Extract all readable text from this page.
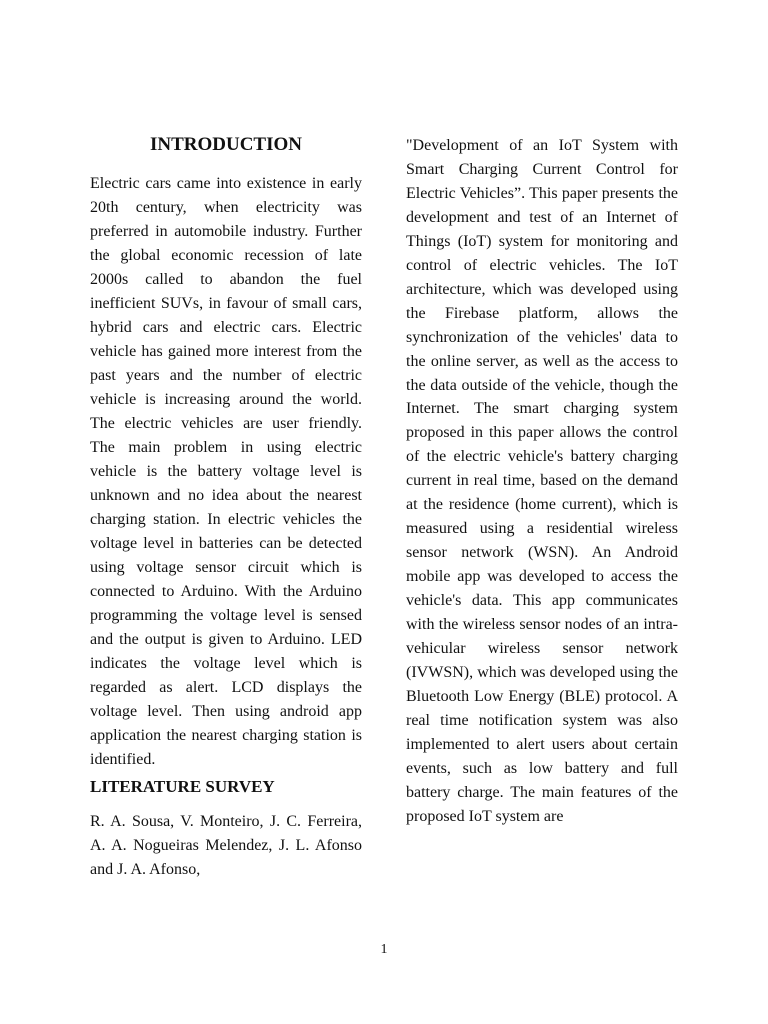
INTRODUCTION

Electric cars came into existence in early 20th century, when electricity was preferred in automobile industry. Further the global economic recession of late 2000s called to abandon the fuel inefficient SUVs, in favour of small cars, hybrid cars and electric cars. Electric vehicle has gained more interest from the past years and the number of electric vehicle is increasing around the world. The electric vehicles are user friendly. The main problem in using electric vehicle is the battery voltage level is unknown and no idea about the nearest charging station. In electric vehicles the voltage level in batteries can be detected using voltage sensor circuit which is connected to Arduino. With the Arduino programming the voltage level is sensed and the output is given to Arduino. LED indicates the voltage level which is regarded as alert. LCD displays the voltage level. Then using android app application the nearest charging station is identified.

LITERATURE SURVEY

R. A. Sousa, V. Monteiro, J. C. Ferreira, A. A. Nogueiras Melendez, J. L. Afonso and J. A. Afonso,

"Development of an IoT System with Smart Charging Current Control for Electric Vehicles”. This paper presents the development and test of an Internet of Things (IoT) system for monitoring and control of electric vehicles. The IoT architecture, which was developed using the Firebase platform, allows the synchronization of the vehicles' data to the online server, as well as the access to the data outside of the vehicle, though the Internet. The smart charging system proposed in this paper allows the control of the electric vehicle's battery charging current in real time, based on the demand at the residence (home current), which is measured using a residential wireless sensor network (WSN). An Android mobile app was developed to access the vehicle's data. This app communicates with the wireless sensor nodes of an intra-vehicular wireless sensor network (IVWSN), which was developed using the Bluetooth Low Energy (BLE) protocol. A real time notification system was also implemented to alert users about certain events, such as low battery and full battery charge. The main features of the proposed IoT system are

1
